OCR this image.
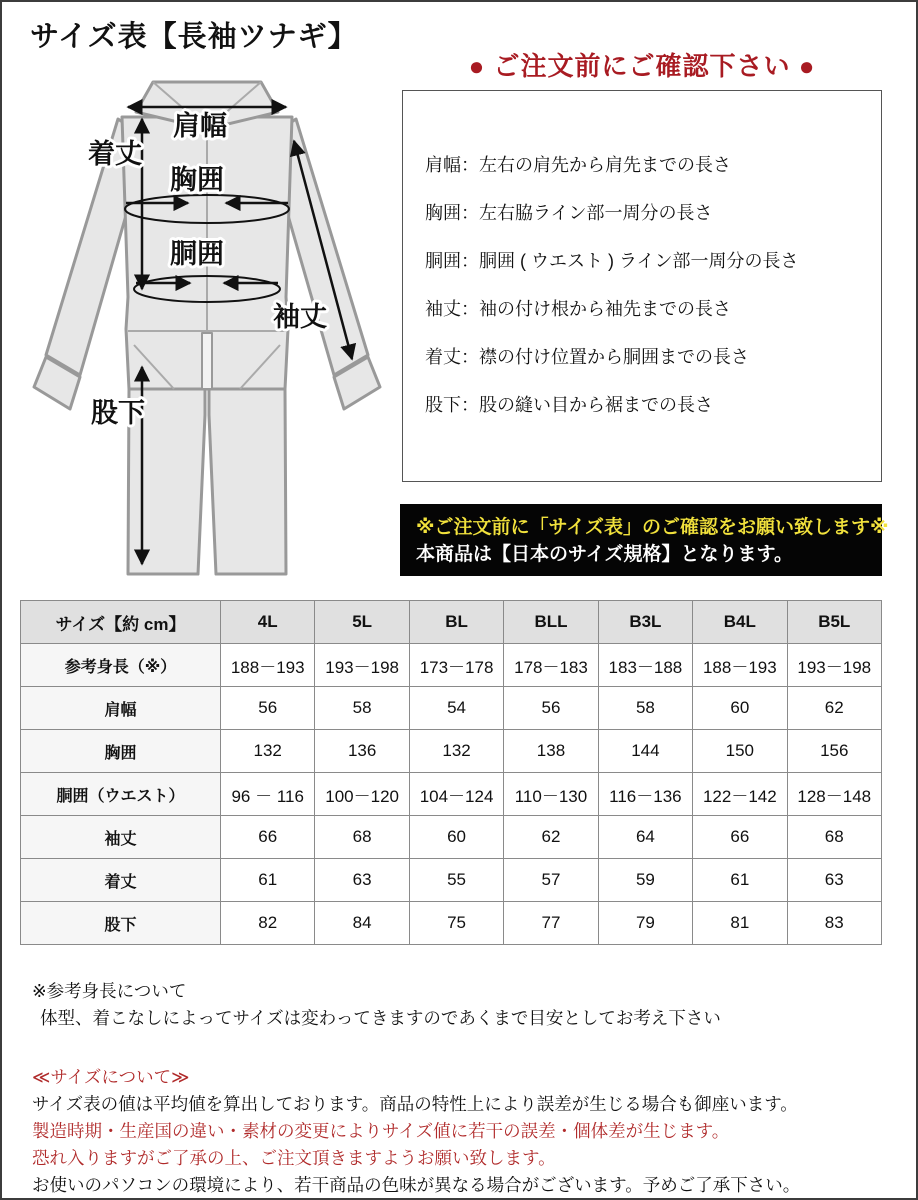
サイズ表【長袖ツナギ】
肩幅
着丈
胸囲
胴囲
袖丈
股下
● ご注文前にご確認下さい ●
肩幅：左右の肩先から肩先までの長さ
胸囲：左右脇ライン部一周分の長さ
胴囲：胴囲 ( ウエスト ) ライン部一周分の長さ
袖丈：袖の付け根から袖先までの長さ
着丈：襟の付け位置から胴囲までの長さ
股下：股の縫い目から裾までの長さ
※ご注文前に「サイズ表」のご確認をお願い致します※
本商品は【日本のサイズ規格】となります。
サイズ【約 cm】	4L	5L	BL	BLL	B3L	B4L	B5L
参考身長（※）	188－193	193－198	173－178	178－183	183－188	188－193	193－198
肩幅	56	58	54	56	58	60	62
胸囲	132	136	132	138	144	150	156
胴囲（ウエスト）	96 － 116	100－120	104－124	110－130	116－136	122－142	128－148
袖丈	66	68	60	62	64	66	68
着丈	61	63	55	57	59	61	63
股下	82	84	75	77	79	81	83
※参考身長について
体型、着こなしによってサイズは変わってきますのであくまで目安としてお考え下さい
≪サイズについて≫
サイズ表の値は平均値を算出しております。商品の特性上により誤差が生じる場合も御座います。
製造時期・生産国の違い・素材の変更によりサイズ値に若干の誤差・個体差が生じます。
恐れ入りますがご了承の上、ご注文頂きますようお願い致します。
お使いのパソコンの環境により、若干商品の色味が異なる場合がございます。予めご了承下さい。
